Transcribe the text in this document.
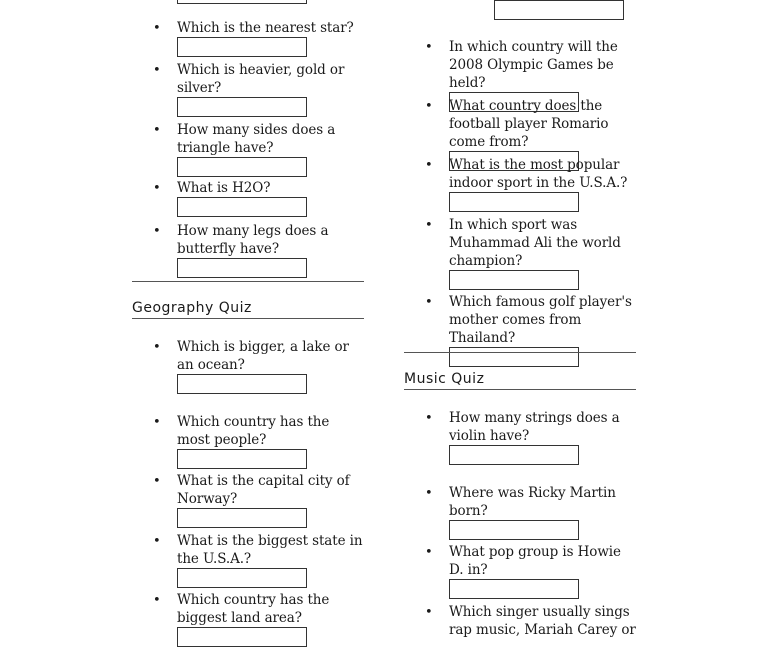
• Which is the nearest star?
• Which is heavier, gold or silver?
• How many sides does a triangle have?
• What is H2O?
• How many legs does a butterfly have?
Geography Quiz
• Which is bigger, a lake or an ocean?
• Which country has the most people?
• What is the capital city of Norway?
• What is the biggest state in the U.S.A.?
• Which country has the biggest land area?
• In which country will the 2008 Olympic Games be held?
• What country does the football player Romario come from?
• What is the most popular indoor sport in the U.S.A.?
• In which sport was Muhammad Ali the world champion?
• Which famous golf player's mother comes from Thailand?
Music Quiz
• How many strings does a violin have?
• Where was Ricky Martin born?
• What pop group is Howie D. in?
• Which singer usually sings rap music, Mariah Carey or
